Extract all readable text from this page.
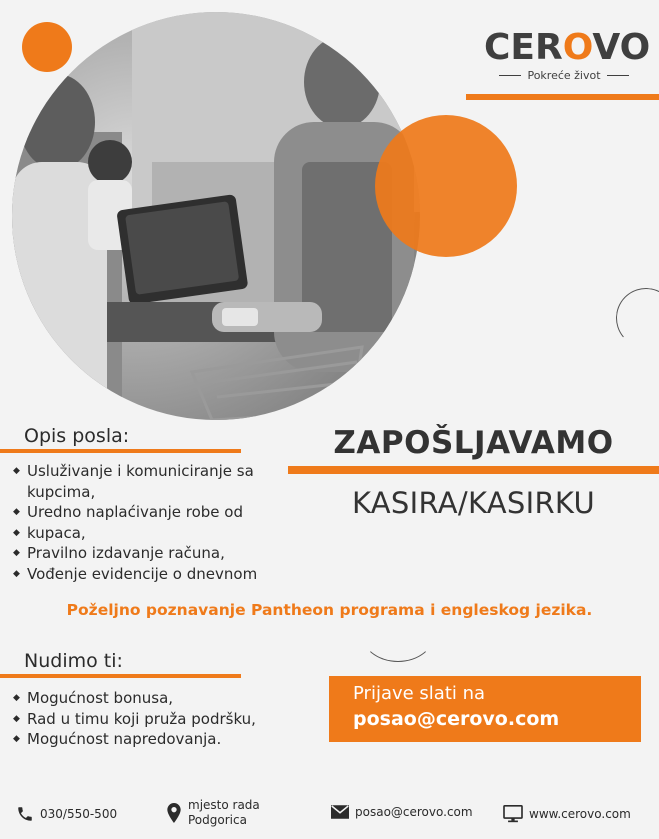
CEROVO
Pokreće život
Opis posla:
◆ Usluživanje i komuniciranje sa
kupcima,
◆ Uredno naplaćivanje robe od
◆ kupaca,
◆ Pravilno izdavanje računa,
◆ Vođenje evidencije o dnevnom
ZAPOŠLJAVAMO
KASIRA/KASIRKU
Poželjno poznavanje Pantheon programa i engleskog jezika.
Nudimo ti:
◆ Mogućnost bonusa,
◆ Rad u timu koji pruža podršku,
◆ Mogućnost napredovanja.
Prijave slati na
posao@cerovo.com
030/550-500
mjesto rada
Podgorica
posao@cerovo.com	www.cerovo.com
